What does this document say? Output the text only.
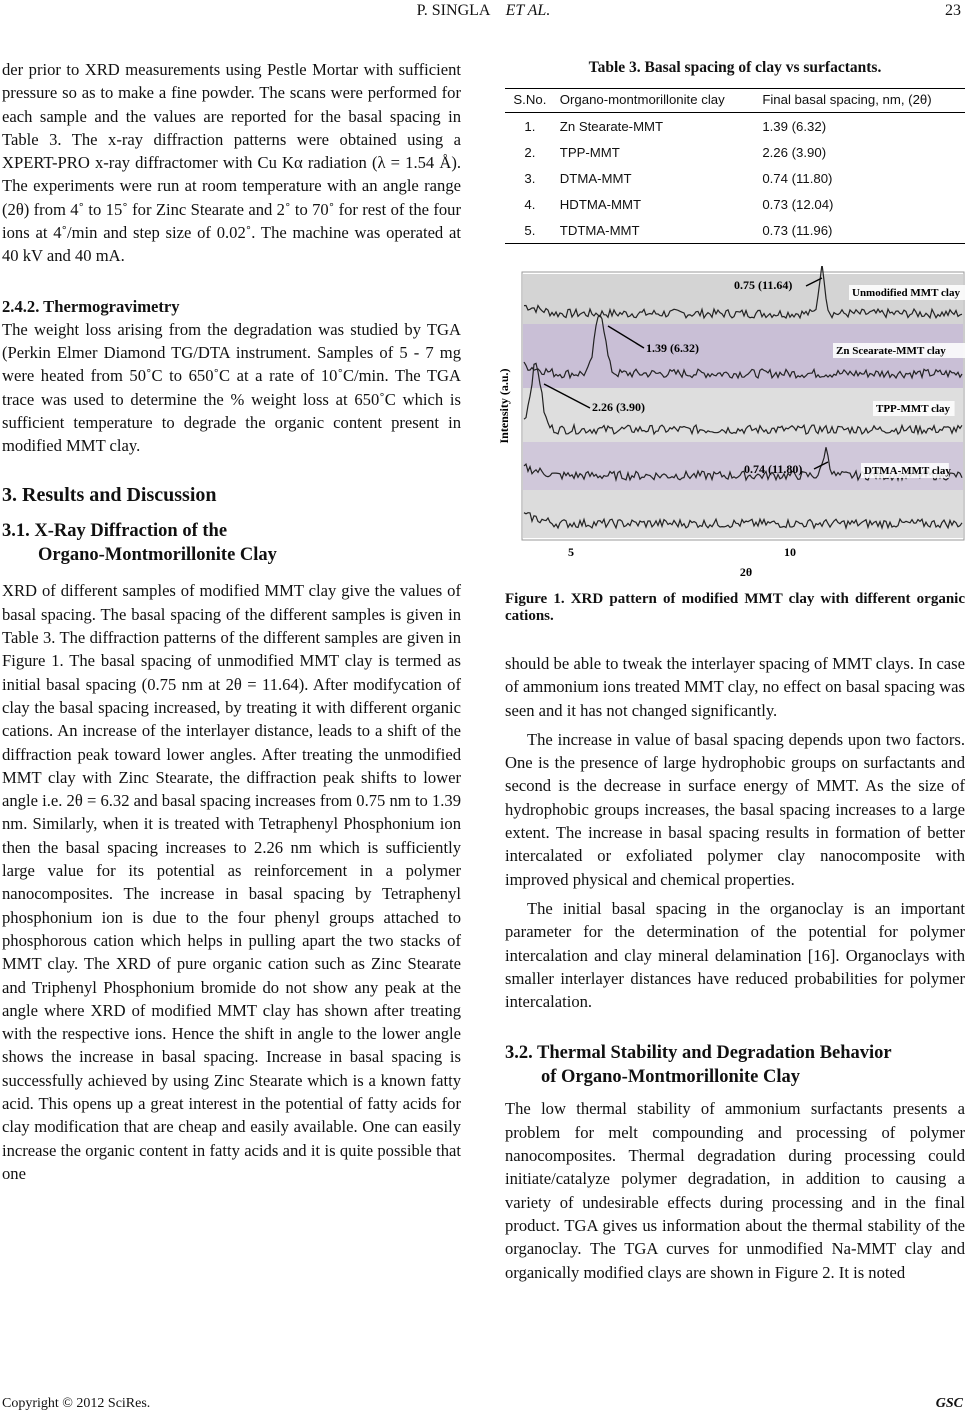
P. SINGLA ET AL.	23

der prior to XRD measurements using Pestle Mortar with sufficient pressure so as to make a fine powder. The scans were performed for each sample and the values are reported for the basal spacing in Table 3. The x-ray diffraction patterns were obtained using a XPERT-PRO x-ray diffractomer with Cu Kα radiation (λ = 1.54 Å). The experiments were run at room temperature with an angle range (2θ) from 4˚ to 15˚ for Zinc Stearate and 2˚ to 70˚ for rest of the four ions at 4˚/min and step size of 0.02˚. The machine was operated at 40 kV and 40 mA.

2.4.2. Thermogravimetry

The weight loss arising from the degradation was studied by TGA (Perkin Elmer Diamond TG/DTA instrument. Samples of 5 - 7 mg were heated from 50˚C to 650˚C at a rate of 10˚C/min. The TGA trace was used to determine the % weight loss at 650˚C which is sufficient temperature to degrade the organic content present in modified MMT clay.

3. Results and Discussion
3.1. X-Ray Diffraction of the
Organo-Montmorillonite Clay

XRD of different samples of modified MMT clay give the values of basal spacing. The basal spacing of the different samples is given in Table 3. The diffraction patterns of the different samples are given in Figure 1. The basal spacing of unmodified MMT clay is termed as initial basal spacing (0.75 nm at 2θ = 11.64). After modifycation of clay the basal spacing increased, by treating it with different organic cations. An increase of the interlayer distance, leads to a shift of the diffraction peak toward lower angles. After treating the unmodified MMT clay with Zinc Stearate, the diffraction peak shifts to lower angle i.e. 2θ = 6.32 and basal spacing increases from 0.75 nm to 1.39 nm. Similarly, when it is treated with Tetraphenyl Phosphonium ion then the basal spacing increases to 2.26 nm which is sufficiently large value for its potential as reinforcement in a polymer nanocomposites. The increase in basal spacing by Tetraphenyl phosphonium ion is due to the four phenyl groups attached to phosphorous cation which helps in pulling apart the two stacks of MMT clay. The XRD of pure organic cation such as Zinc Stearate and Triphenyl Phosphonium bromide do not show any peak at the angle where XRD of modified MMT clay has shown after treating with the respective ions. Hence the shift in angle to the lower angle shows the increase in basal spacing. Increase in basal spacing is successfully achieved by using Zinc Stearate which is a known fatty acid. This opens up a great interest in the potential of fatty acids for clay modification that are cheap and easily available. One can easily increase the organic content in fatty acids and it is quite possible that one

Table 3. Basal spacing of clay vs surfactants.
S.No.	Organo-montmorillonite clay	Final basal spacing, nm, (2θ)
1.	Zn Stearate-MMT	1.39 (6.32)
2.	TPP-MMT	2.26 (3.90)
3.	DTMA-MMT	0.74 (11.80)
4.	HDTMA-MMT	0.73 (12.04)
5.	TDTMA-MMT	0.73 (11.96)
0.75 (11.64)
Unmodified MMT clay
1.39 (6.32)	Zn Scearate-MMT clay
2.26 (3.90)	TPP-MMT clay
0.74 (11.80)	DTMA-MMT clay
Intensity (a.u.)
5	10
2θ
Figure 1. XRD pattern of modified MMT clay with different organic cations.

should be able to tweak the interlayer spacing of MMT clays. In case of ammonium ions treated MMT clay, no effect on basal spacing was seen and it has not changed significantly.

The increase in value of basal spacing depends upon two factors. One is the presence of large hydrophobic groups on surfactants and second is the decrease in surface energy of MMT. As the size of hydrophobic groups increases, the basal spacing increases to a large extent. The increase in basal spacing results in formation of better intercalated or exfoliated polymer clay nanocomposite with improved physical and chemical properties.

The initial basal spacing in the organoclay is an important parameter for the determination of the potential for polymer intercalation and clay mineral delamination [16]. Organoclays with smaller interlayer distances have reduced probabilities for polymer intercalation.

3.2. Thermal Stability and Degradation Behavior
of Organo-Montmorillonite Clay

The low thermal stability of ammonium surfactants presents a problem for melt compounding and processing of polymer nanocomposites. Thermal degradation during processing could initiate/catalyze polymer degradation, in addition to causing a variety of undesirable effects during processing and in the final product. TGA gives us information about the thermal stability of the organoclay. The TGA curves for unmodified Na-MMT clay and organically modified clays are shown in Figure 2. It is noted

Copyright © 2012 SciRes.	GSC
